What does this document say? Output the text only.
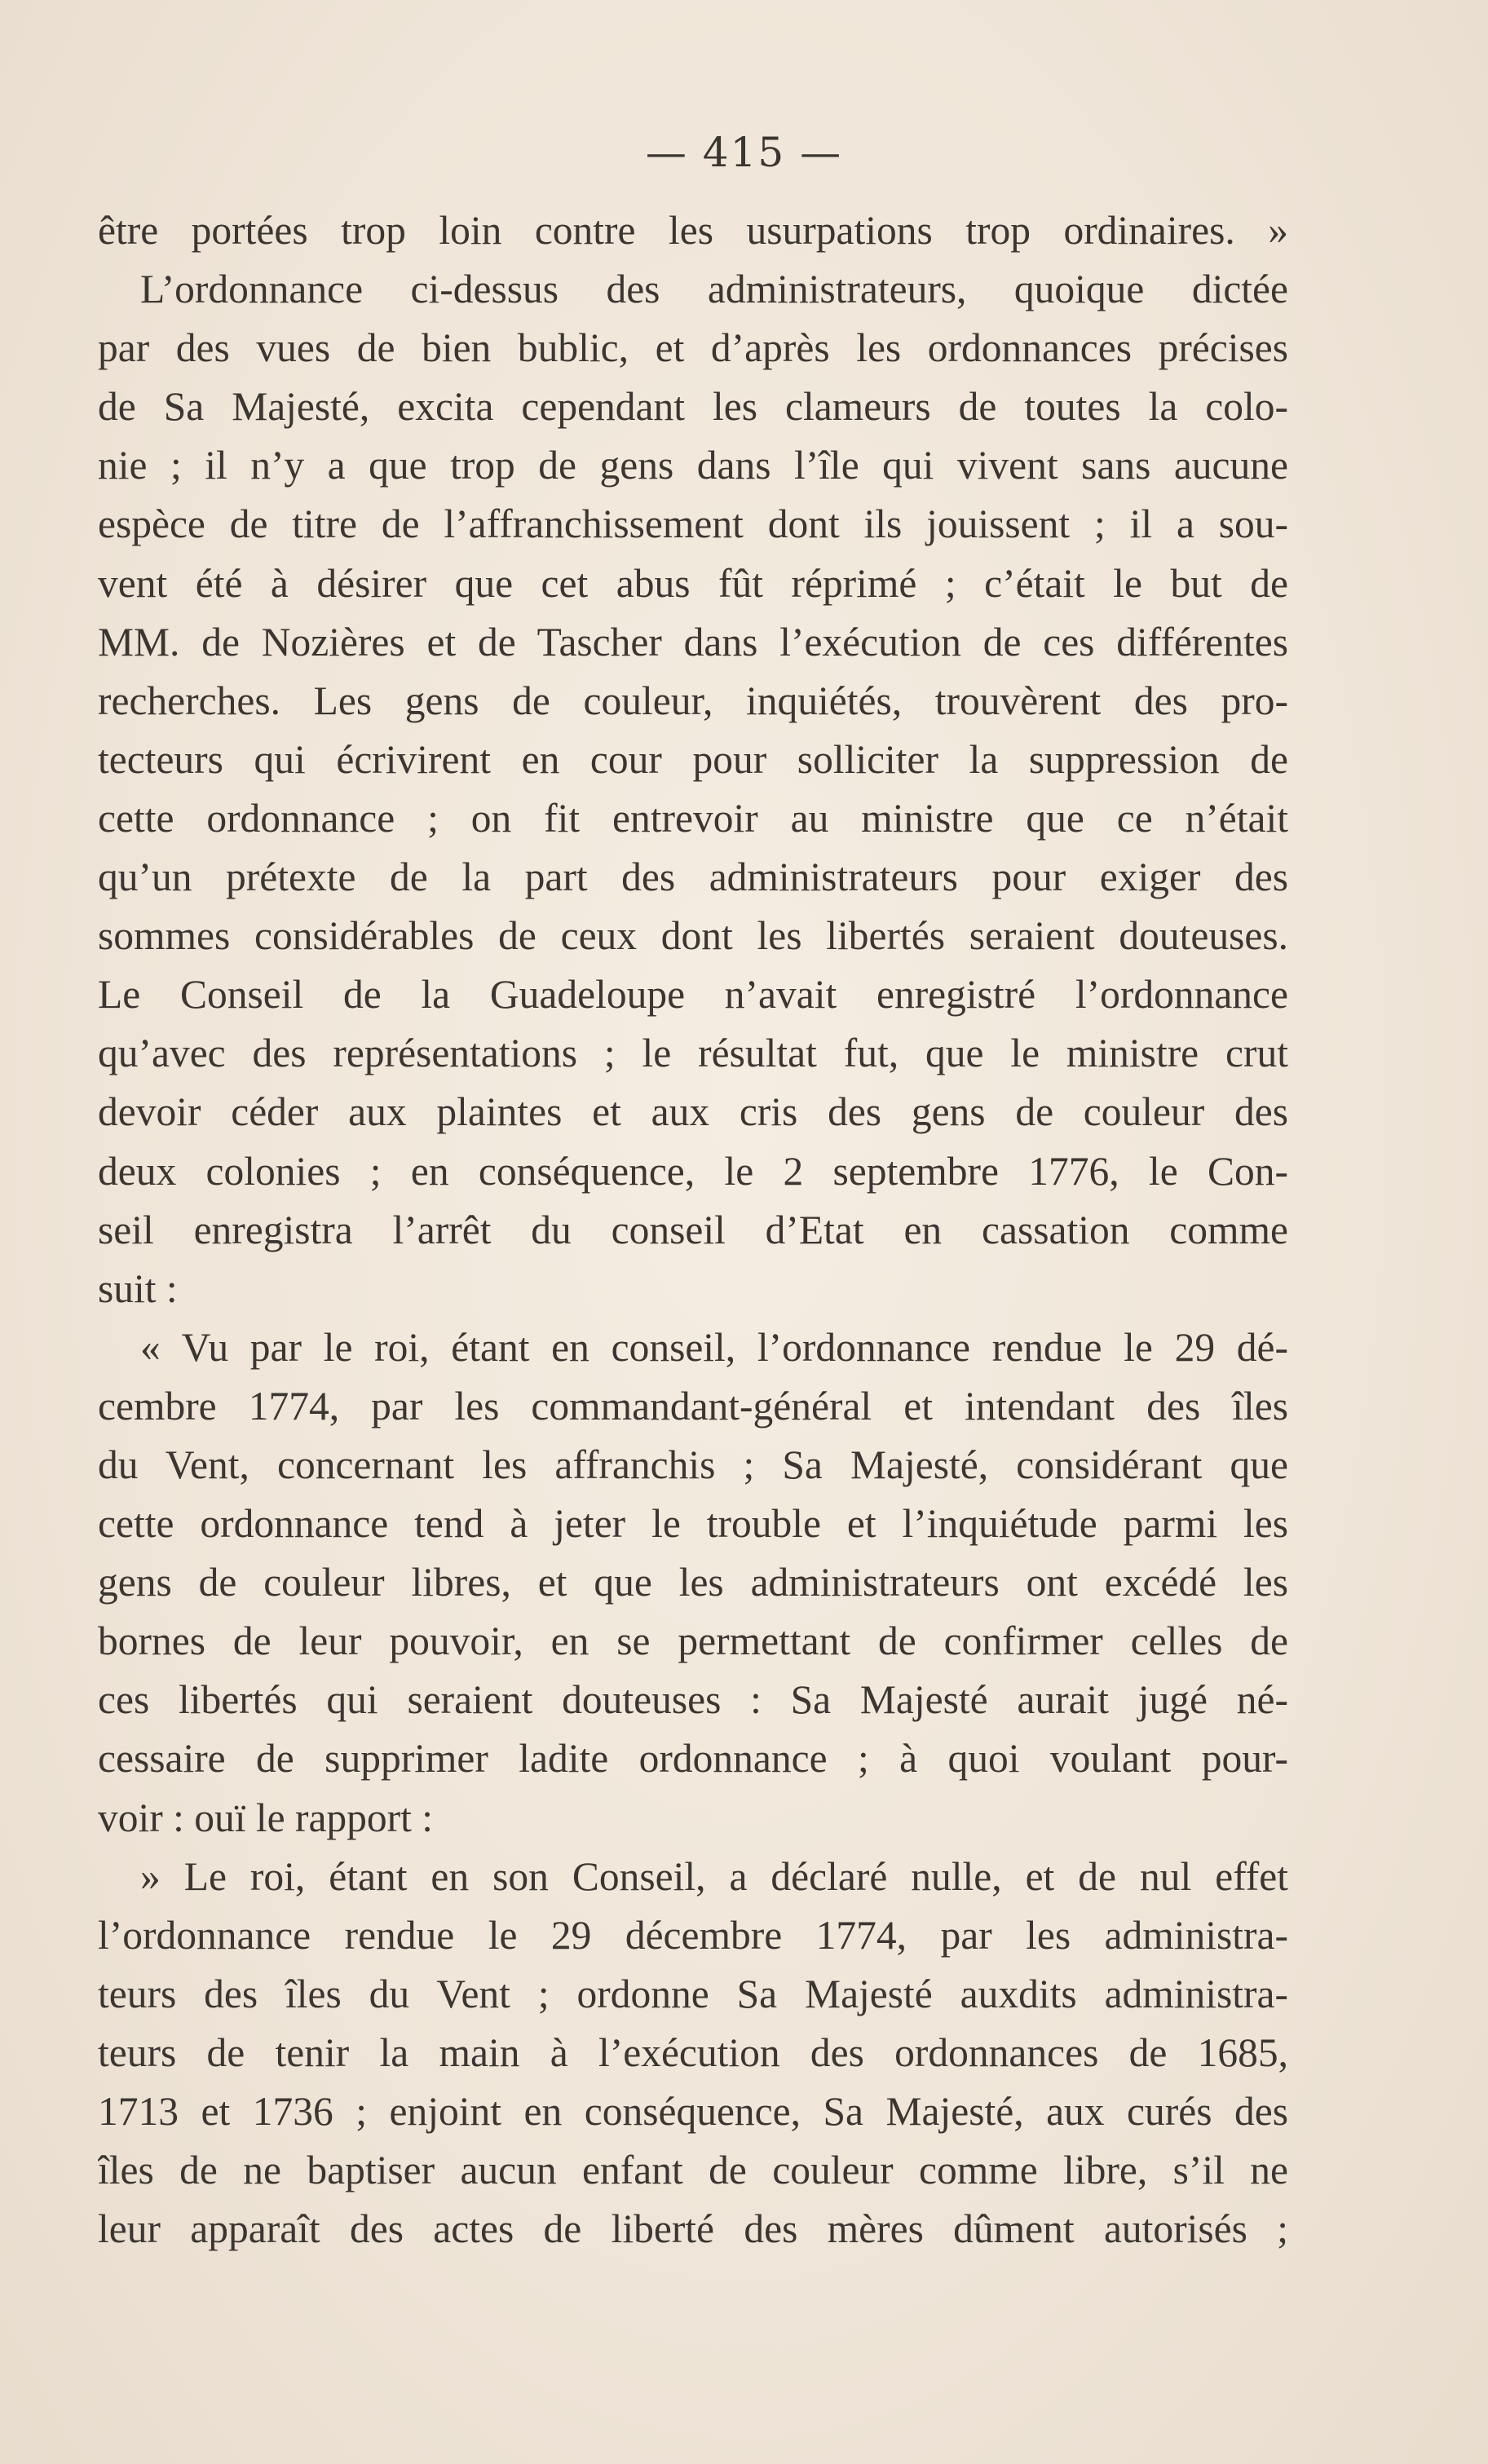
— 415 —
être portées trop loin contre les usurpations trop ordinaires. »
L’ordonnance ci-dessus des administrateurs, quoique dictée
par des vues de bien bublic, et d’après les ordonnances précises
de Sa Majesté, excita cependant les clameurs de toutes la colo-
nie ; il n’y a que trop de gens dans l’île qui vivent sans aucune
espèce de titre de l’affranchissement dont ils jouissent ; il a sou-
vent été à désirer que cet abus fût réprimé ; c’était le but de
MM. de Nozières et de Tascher dans l’exécution de ces différentes
recherches. Les gens de couleur, inquiétés, trouvèrent des pro-
tecteurs qui écrivirent en cour pour solliciter la suppression de
cette ordonnance ; on fit entrevoir au ministre que ce n’était
qu’un prétexte de la part des administrateurs pour exiger des
sommes considérables de ceux dont les libertés seraient douteuses.
Le Conseil de la Guadeloupe n’avait enregistré l’ordonnance
qu’avec des représentations ; le résultat fut, que le ministre crut
devoir céder aux plaintes et aux cris des gens de couleur des
deux colonies ; en conséquence, le 2 septembre 1776, le Con-
seil enregistra l’arrêt du conseil d’Etat en cassation comme
suit :
« Vu par le roi, étant en conseil, l’ordonnance rendue le 29 dé-
cembre 1774, par les commandant-général et intendant des îles
du Vent, concernant les affranchis ; Sa Majesté, considérant que
cette ordonnance tend à jeter le trouble et l’inquiétude parmi les
gens de couleur libres, et que les administrateurs ont excédé les
bornes de leur pouvoir, en se permettant de confirmer celles de
ces libertés qui seraient douteuses : Sa Majesté aurait jugé né-
cessaire de supprimer ladite ordonnance ; à quoi voulant pour-
voir : ouï le rapport :
» Le roi, étant en son Conseil, a déclaré nulle, et de nul effet
l’ordonnance rendue le 29 décembre 1774, par les administra-
teurs des îles du Vent ; ordonne Sa Majesté auxdits administra-
teurs de tenir la main à l’exécution des ordonnances de 1685,
1713 et 1736 ; enjoint en conséquence, Sa Majesté, aux curés des
îles de ne baptiser aucun enfant de couleur comme libre, s’il ne
leur apparaît des actes de liberté des mères dûment autorisés ;
